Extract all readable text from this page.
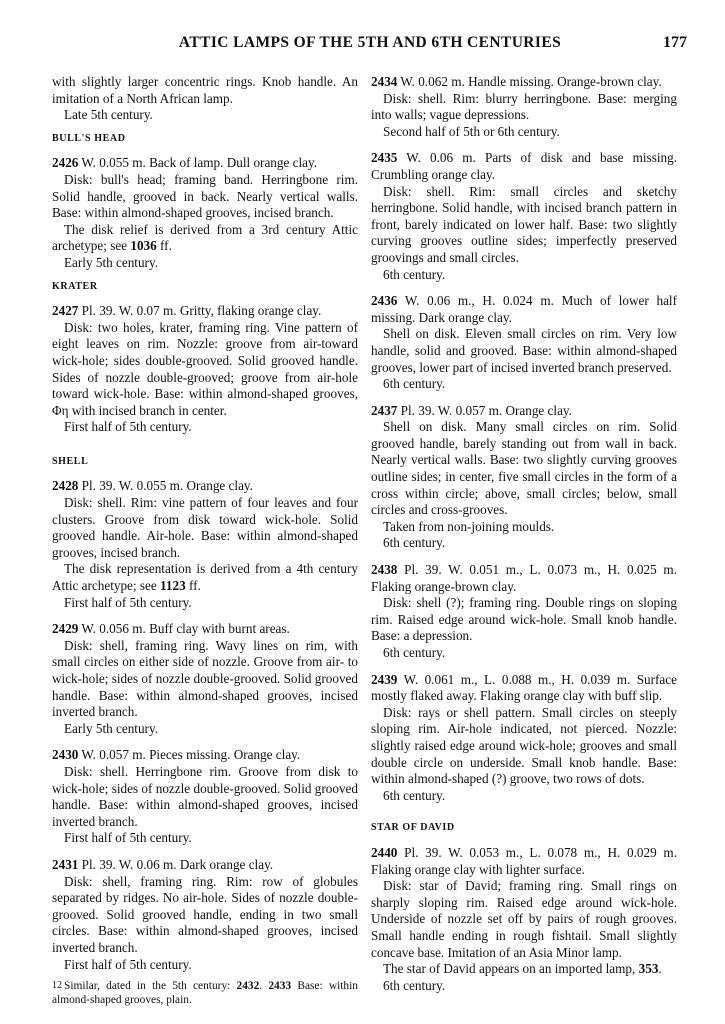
ATTIC LAMPS OF THE 5TH AND 6TH CENTURIES	177

with slightly larger concentric rings. Knob handle. An imitation of a North African lamp.

Late 5th century.

BULL'S HEAD

2426 W. 0.055 m. Back of lamp. Dull orange clay.

Disk: bull's head; framing band. Herringbone rim. Solid handle, grooved in back. Nearly vertical walls. Base: within almond-shaped grooves, incised branch.

The disk relief is derived from a 3rd century Attic archetype; see 1036 ff.

Early 5th century.

KRATER

2427 Pl. 39. W. 0.07 m. Gritty, flaking orange clay.

Disk: two holes, krater, framing ring. Vine pattern of eight leaves on rim. Nozzle: groove from air-toward wick-hole; sides double-grooved. Solid grooved handle. Sides of nozzle double-grooved; groove from air-hole toward wick-hole. Base: within almond-shaped grooves, Φη with incised branch in center.

First half of 5th century.

SHELL

2428 Pl. 39. W. 0.055 m. Orange clay.

Disk: shell. Rim: vine pattern of four leaves and four clusters. Groove from disk toward wick-hole. Solid grooved handle. Air-hole. Base: within almond-shaped grooves, incised branch.

The disk representation is derived from a 4th century Attic archetype; see 1123 ff.

First half of 5th century.

2429 W. 0.056 m. Buff clay with burnt areas.

Disk: shell, framing ring. Wavy lines on rim, with small circles on either side of nozzle. Groove from air- to wick-hole; sides of nozzle double-grooved. Solid grooved handle. Base: within almond-shaped grooves, incised inverted branch.

Early 5th century.

2430 W. 0.057 m. Pieces missing. Orange clay.

Disk: shell. Herringbone rim. Groove from disk to wick-hole; sides of nozzle double-grooved. Solid grooved handle. Base: within almond-shaped grooves, incised inverted branch.

First half of 5th century.

2431 Pl. 39. W. 0.06 m. Dark orange clay.

Disk: shell, framing ring. Rim: row of globules separated by ridges. No air-hole. Sides of nozzle double-grooved. Solid grooved handle, ending in two small circles. Base: within almond-shaped grooves, incised inverted branch.

First half of 5th century.

Similar, dated in the 5th century: 2432. 2433 Base: within almond-shaped grooves, plain.

2434 W. 0.062 m. Handle missing. Orange-brown clay.

Disk: shell. Rim: blurry herringbone. Base: merging into walls; vague depressions.

Second half of 5th or 6th century.

2435 W. 0.06 m. Parts of disk and base missing. Crumbling orange clay.

Disk: shell. Rim: small circles and sketchy herringbone. Solid handle, with incised branch pattern in front, barely indicated on lower half. Base: two slightly curving grooves outline sides; imperfectly preserved groovings and small circles.

6th century.

2436 W. 0.06 m., H. 0.024 m. Much of lower half missing. Dark orange clay.

Shell on disk. Eleven small circles on rim. Very low handle, solid and grooved. Base: within almond-shaped grooves, lower part of incised inverted branch preserved.

6th century.

2437 Pl. 39. W. 0.057 m. Orange clay.

Shell on disk. Many small circles on rim. Solid grooved handle, barely standing out from wall in back. Nearly vertical walls. Base: two slightly curving grooves outline sides; in center, five small circles in the form of a cross within circle; above, small circles; below, small circles and cross-grooves.

Taken from non-joining moulds.

6th century.

2438 Pl. 39. W. 0.051 m., L. 0.073 m., H. 0.025 m. Flaking orange-brown clay.

Disk: shell (?); framing ring. Double rings on sloping rim. Raised edge around wick-hole. Small knob handle. Base: a depression.

6th century.

2439 W. 0.061 m., L. 0.088 m., H. 0.039 m. Surface mostly flaked away. Flaking orange clay with buff slip.

Disk: rays or shell pattern. Small circles on steeply sloping rim. Air-hole indicated, not pierced. Nozzle: slightly raised edge around wick-hole; grooves and small double circle on underside. Small knob handle. Base: within almond-shaped (?) groove, two rows of dots.

6th century.

STAR OF DAVID

2440 Pl. 39. W. 0.053 m., L. 0.078 m., H. 0.029 m. Flaking orange clay with lighter surface.

Disk: star of David; framing ring. Small rings on sharply sloping rim. Raised edge around wick-hole. Underside of nozzle set off by pairs of rough grooves. Small handle ending in rough fishtail. Small slightly concave base. Imitation of an Asia Minor lamp.

The star of David appears on an imported lamp, 353.

6th century.

12
